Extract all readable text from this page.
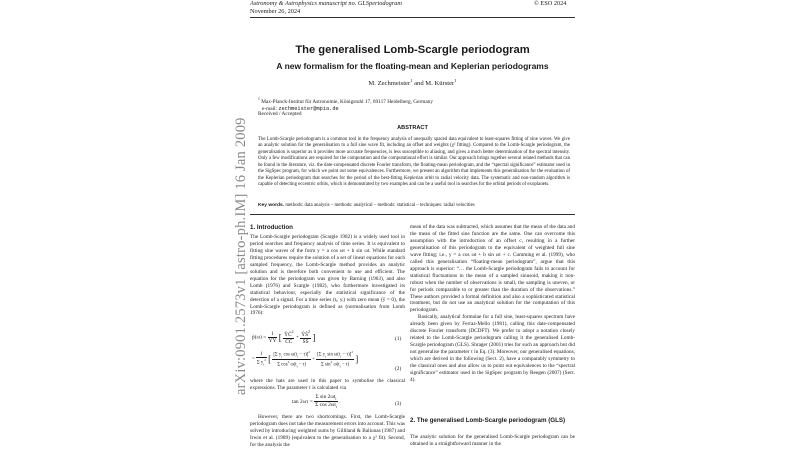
arXiv:0901.2573v1 [astro-ph.IM] 16 Jan 2009
Astronomy & Astrophysics manuscript no. GLSperiodogram
November 26, 2024
© ESO 2024
The generalised Lomb-Scargle periodogram
A new formalism for the floating-mean and Keplerian periodograms
M. Zechmeister$^1$ and M. Kürster$^1$
$^1$ Max-Planck-Institut für Astronomie, Königstuhl 17, 69117 Heidelberg, Germany
e-mail: zechmeister@mpia.de
Received / Accepted
ABSTRACT
The Lomb-Scargle periodogram is a common tool in the frequency analysis of unequally spaced data equivalent to least-squares fitting of sine waves. We give an analytic solution for the generalisation to a full sine wave fit, including an offset and weights (χ² fitting). Compared to the Lomb-Scargle periodogram, the generalisation is superior as it provides more accurate frequencies, is less susceptible to aliasing, and gives a much better determination of the spectral intensity. Only a few modifications are required for the computation and the computational effort is similar. Our approach brings together several related methods that can be found in the literature, viz. the date-compensated discrete Fourier transform, the floating-mean periodogram, and the “spectral significance” estimator used in the SigSpec program, for which we point out some equivalences. Furthermore, we present an algorithm that implements this generalisation for the evaluation of the Keplerian periodogram that searches for the period of the best-fitting Keplerian orbit to radial velocity data. The systematic and non-random algorithm is capable of detecting eccentric orbits, which is demonstrated by two examples and can be a useful tool in searches for the orbital periods of exoplanets.
Key words. methods: data analysis – methods: analytical – methods: statistical – techniques: radial velocities
1. Introduction

The Lomb-Scargle periodogram (Scargle 1982) is a widely used tool in period searches and frequency analysis of time series. It is equivalent to fitting sine waves of the form y = a cos ωt + b sin ωt. While standard fitting procedures require the solution of a set of linear equations for each sampled frequency, the Lomb-Scargle method provides an analytic solution and is therefore both convenient to use and efficient. The equation for the periodogram was given by Barning (1963), and also Lomb (1976) and Scargle (1982), who furthermore investigated its statistical behaviour, especially the statistical significance of the detection of a signal. For a time series (tᵢ, yᵢ) with zero mean (ȳ = 0), the Lomb-Scargle periodogram is defined as (normalisation from Lomb 1976):

p̂(ω) = $\frac{1}{ŶŶ}$ [ $\frac{ŶĈ^2}{ĈĈ} + \frac{ŶŜ^2}{ŜŜ}$ ]	(1)
= $\frac{1}{\Sigma y_i^2}$ [ $\frac{[\Sigma y_i \cos \omega(t_i - \tau)]^2}{\Sigma \cos^2 \omega(t_i - \tau)} + \frac{[\Sigma y_i \sin \omega(t_i - \tau)]^2}{\Sigma \sin^2 \omega(t_i - \tau)}$ ]
(2)

where the hats are used in this paper to symbolise the classical expressions. The parameter τ is calculated via

$\tan 2\omega\tau = \frac{\Sigma \sin 2\omega t_i}{\Sigma \cos 2\omega t_i}$ .	(3)

However, there are two shortcomings. First, the Lomb-Scargle periodogram does not take the measurement errors into account. This was solved by introducing weighted sums by Gilliland & Baliunas (1987) and Irwin et al. (1989) (equivalent to the generalisation to a χ² fit). Second, for the analysis the

mean of the data was subtracted, which assumes that the mean of the data and the mean of the fitted sine function are the same. One can overcome this assumption with the introduction of an offset c, resulting in a further generalisation of this periodogram to the equivalent of weighted full sine wave fitting; i.e., y = a cos ωt + b sin ωt + c. Cumming et al. (1999), who called this generalisation “floating-mean periodogram”, argue that this approach is superior: “… the Lomb-Scargle periodogram fails to account for statistical fluctuations in the mean of a sampled sinusoid, making it non-robust when the number of observations is small, the sampling is uneven, or for periods comparable to or greater than the duration of the observations.” These authors provided a formal definition and also a sophisticated statistical treatment, but do not use an analytical solution for the computation of this periodogram.

Basically, analytical formulae for a full sine, least-squares spectrum have already been given by Ferraz-Mello (1981), calling this date-compensated discrete Fourier transform (DCDFT). We prefer to adopt a notation closely related to the Lomb-Scargle periodogram calling it the generalised Lomb-Scargle periodogram (GLS). Shrager (2001) tries for such an approach but did not generalise the parameter τ in Eq. (3). Moreover, our generalised equations, which are derived in the following (Sect. 2), have a comparably symmetry to the classical ones and also allow us to point out equivalences to the “spectral significance” estimator used in the SigSpec program by Reegen (2007) (Sect. 4).

2. The generalised Lomb-Scargle periodogram (GLS)

The analytic solution for the generalised Lomb-Scargle periodogram can be obtained in a straightforward manner in the
